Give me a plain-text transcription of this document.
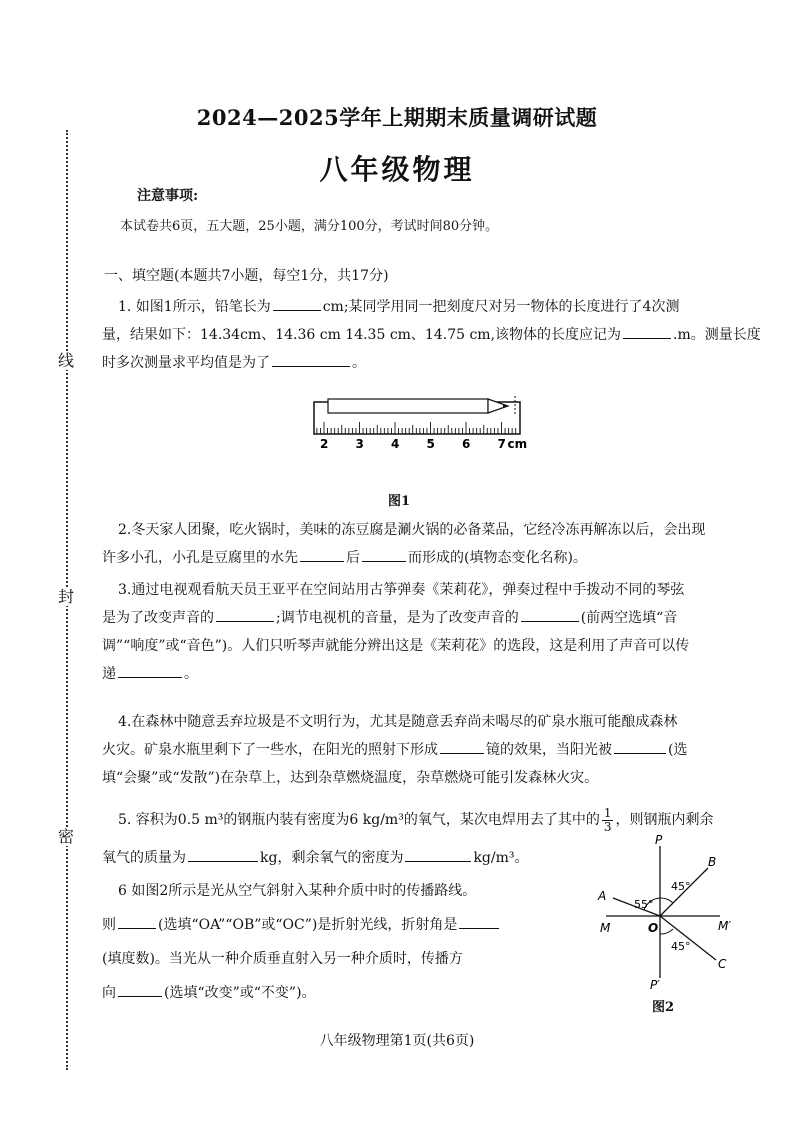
线
封
密
2024—2025学年上期期末质量调研试题
八年级物理
注意事项:
本试卷共6页，五大题，25小题，满分100分，考试时间80分钟。
一、填空题(本题共7小题，每空1分，共17分)
1. 如图1所示，铅笔长为	cm;某同学用同一把刻度尺对另一物体的长度进行了4次测
量，结果如下：14.34cm、14.36 cm 14.35 cm、14.75 cm,该物体的长度应记为	.m。测量长度
时多次测量求平均值是为了	。
2 3 4 5 6 7 cm
图1
2.冬天家人团聚，吃火锅时，美味的冻豆腐是涮火锅的必备菜品，它经冷冻再解冻以后，会出现
许多小孔，小孔是豆腐里的水先	后	而形成的(填物态变化名称)。
3.通过电视观看航天员王亚平在空间站用古筝弹奏《茉莉花》，弹奏过程中手拨动不同的琴弦
是为了改变声音的	;调节电视机的音量，是为了改变声音的	(前两空选填“音
调”“响度”或“音色”)。人们只听琴声就能分辨出这是《茉莉花》的选段，这是利用了声音可以传
递	。
4.在森林中随意丢弃垃圾是不文明行为，尤其是随意丢弃尚未喝尽的矿泉水瓶可能酿成森林
火灾。矿泉水瓶里剩下了一些水，在阳光的照射下形成	镜的效果，当阳光被	(选
填“会聚”或“发散”)在杂草上，达到杂草燃烧温度，杂草燃烧可能引发森林火灾。
5. 容积为0.5 m³的钢瓶内装有密度为6 kg/m³的氧气，某次电焊用去了其中的 $\frac{1}{3}$ ，则钢瓶内剩余
氧气的质量为	kg，剩余氧气的密度为	kg/m³。
6 如图2所示是光从空气斜射入某种介质中时的传播路线。
则	(选填“OA”“OB”或“OC”)是折射光线，折射角是
(填度数)。当光从一种介质垂直射入另一种介质时，传播方
向	(选填“改变”或“不变”)。
P
P′
M	M′
O
A
B
C
55°
45°
45°
图2
八年级物理第1页(共6页)
